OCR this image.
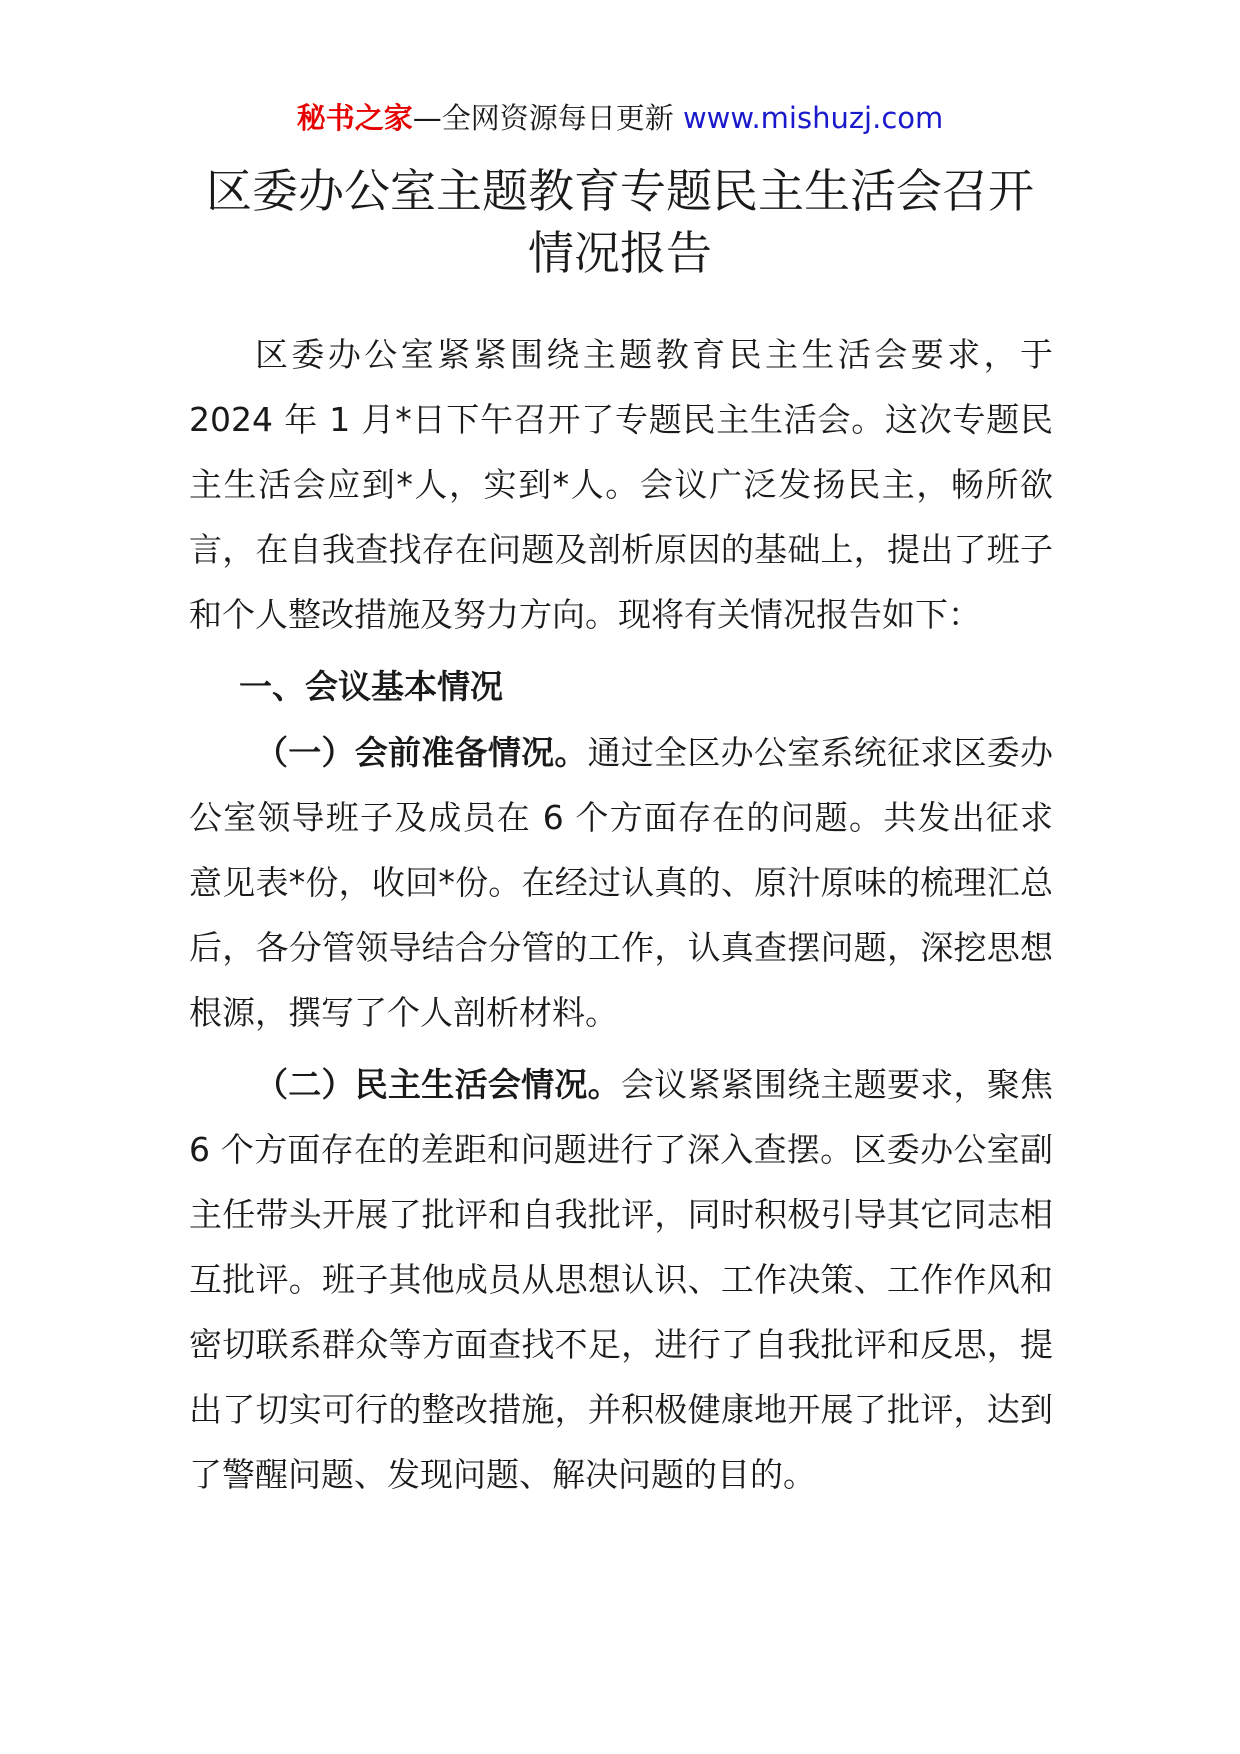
秘书之家—全网资源每日更新 www.mishuzj.com
区委办公室主题教育专题民主生活会召开
情况报告

区委办公室紧紧围绕主题教育民主生活会要求，于2024 年 1 月*日下午召开了专题民主生活会。这次专题民主生活会应到*人，实到*人。会议广泛发扬民主，畅所欲言，在自我查找存在问题及剖析原因的基础上，提出了班子和个人整改措施及努力方向。现将有关情况报告如下：

一、会议基本情况

（一）会前准备情况。通过全区办公室系统征求区委办公室领导班子及成员在 6 个方面存在的问题。共发出征求意见表*份，收回*份。在经过认真的、原汁原味的梳理汇总后，各分管领导结合分管的工作，认真查摆问题，深挖思想根源，撰写了个人剖析材料。

（二）民主生活会情况。会议紧紧围绕主题要求，聚焦 6 个方面存在的差距和问题进行了深入查摆。区委办公室副主任带头开展了批评和自我批评，同时积极引导其它同志相互批评。班子其他成员从思想认识、工作决策、工作作风和密切联系群众等方面查找不足，进行了自我批评和反思，提出了切实可行的整改措施，并积极健康地开展了批评，达到了警醒问题、发现问题、解决问题的目的。
